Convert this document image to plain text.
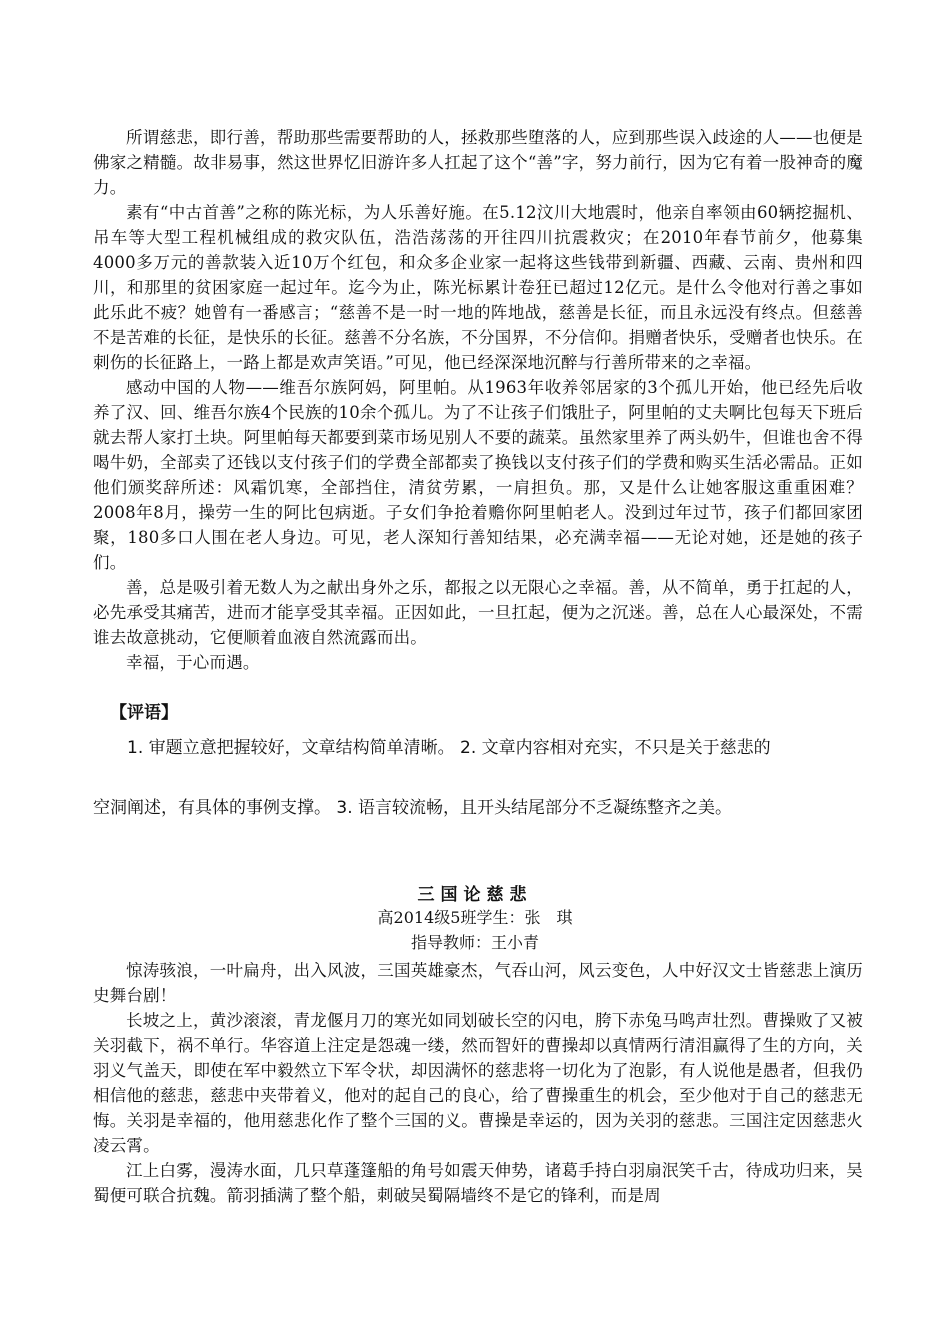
所谓慈悲，即行善，帮助那些需要帮助的人，拯救那些堕落的人，应到那些误入歧途的人——也便是佛家之精髓。故非易事，然这世界忆旧游许多人扛起了这个“善”字，努力前行，因为它有着一股神奇的魔力。

素有“中古首善”之称的陈光标，为人乐善好施。在5.12汶川大地震时，他亲自率领由60辆挖掘机、吊车等大型工程机械组成的救灾队伍，浩浩荡荡的开往四川抗震救灾；在2010年春节前夕，他募集4000多万元的善款装入近10万个红包，和众多企业家一起将这些钱带到新疆、西藏、云南、贵州和四川，和那里的贫困家庭一起过年。迄今为止，陈光标累计卷狂已超过12亿元。是什么令他对行善之事如此乐此不疲？她曾有一番感言；“慈善不是一时一地的阵地战，慈善是长征，而且永远没有终点。但慈善不是苦难的长征，是快乐的长征。慈善不分名族，不分国界，不分信仰。捐赠者快乐，受赠者也快乐。在刺伤的长征路上，一路上都是欢声笑语。”可见，他已经深深地沉醉与行善所带来的之幸福。

感动中国的人物——维吾尔族阿妈，阿里帕。从1963年收养邻居家的3个孤儿开始，他已经先后收养了汉、回、维吾尔族4个民族的10余个孤儿。为了不让孩子们饿肚子，阿里帕的丈夫啊比包每天下班后就去帮人家打土块。阿里帕每天都要到菜市场见别人不要的蔬菜。虽然家里养了两头奶牛，但谁也舍不得喝牛奶，全部卖了还钱以支付孩子们的学费全部都卖了换钱以支付孩子们的学费和购买生活必需品。正如他们颁奖辞所述：风霜饥寒，全部挡住，清贫劳累，一肩担负。那，又是什么让她客服这重重困难？2008年8月，操劳一生的阿比包病逝。子女们争抢着赡你阿里帕老人。没到过年过节，孩子们都回家团聚，180多口人围在老人身边。可见，老人深知行善知结果，必充满幸福——无论对她，还是她的孩子们。

善，总是吸引着无数人为之献出身外之乐，都报之以无限心之幸福。善，从不简单，勇于扛起的人，必先承受其痛苦，进而才能享受其幸福。正因如此，一旦扛起，便为之沉迷。善，总在人心最深处，不需谁去故意挑动，它便顺着血液自然流露而出。

幸福，于心而遇。

【评语】
1. 审题立意把握较好，文章结构简单清晰。 2. 文章内容相对充实，不只是关于慈悲的
空洞阐述，有具体的事例支撑。 3. 语言较流畅，且开头结尾部分不乏凝练整齐之美。
三国论慈悲
高2014级5班学生：张　琪
指导教师：王小青

惊涛骇浪，一叶扁舟，出入风波，三国英雄豪杰，气吞山河，风云变色，人中好汉文士皆慈悲上演历史舞台剧！

长坡之上，黄沙滚滚，青龙偃月刀的寒光如同划破长空的闪电，胯下赤兔马鸣声壮烈。曹操败了又被关羽截下，祸不单行。华容道上注定是怨魂一缕，然而智奸的曹操却以真情两行清泪赢得了生的方向，关羽义气盖天，即使在军中毅然立下军令状，却因满怀的慈悲将一切化为了泡影，有人说他是愚者，但我仍相信他的慈悲，慈悲中夹带着义，他对的起自己的良心，给了曹操重生的机会，至少他对于自己的慈悲无悔。关羽是幸福的，他用慈悲化作了整个三国的义。曹操是幸运的，因为关羽的慈悲。三国注定因慈悲火凌云霄。

江上白雾，漫涛水面，几只草蓬篷船的角号如震天伸势，诸葛手持白羽扇泯笑千古，待成功归来，吴蜀便可联合抗魏。箭羽插满了整个船，刺破吴蜀隔墙终不是它的锋利，而是周
